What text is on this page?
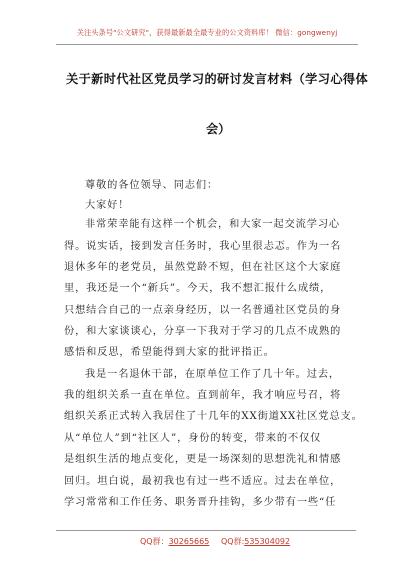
关注头条号"公文研究"，获得最新最全最专业的公文资料库！ 微信：gongwenyj
关于新时代社区党员学习的研讨发言材料（学习心得体
会）
尊敬的各位领导、同志们：
大家好！
非常荣幸能有这样一个机会，和大家一起交流学习心
得。说实话，接到发言任务时，我心里很忐忑。作为一名
退休多年的老党员，虽然党龄不短，但在社区这个大家庭
里，我还是一个“新兵”。今天，我不想汇报什么成绩，
只想结合自己的一点亲身经历，以一名普通社区党员的身
份，和大家谈谈心，分享一下我对于学习的几点不成熟的
感悟和反思，希望能得到大家的批评指正。
我是一名退休干部，在原单位工作了几十年。过去，
我的组织关系一直在单位。直到前年，我才响应号召，将
组织关系正式转入我居住了十几年的XX街道XX社区党总支。
从“单位人”到“社区人”，身份的转变，带来的不仅仅
是组织生活的地点变化，更是一场深刻的思想洗礼和情感
回归。坦白说，最初我也有过一些不适应。过去在单位，
学习常常和工作任务、职务晋升挂钩，多少带有一些“任
QQ群：30265665 QQ群:535304092
